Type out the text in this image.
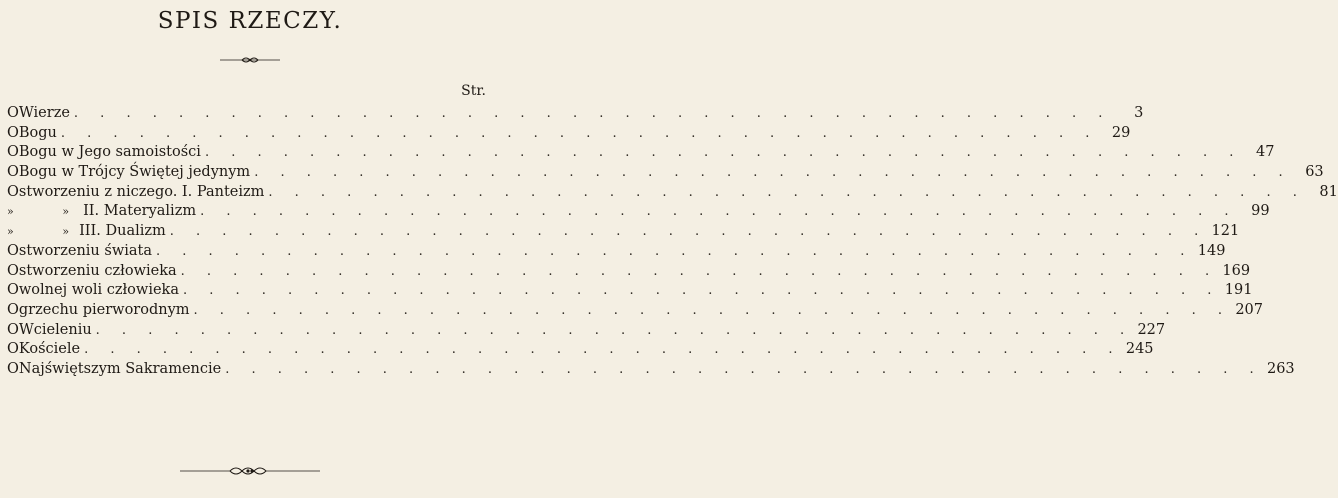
SPIS RZECZY.
Str.
O Wierze . . . . . . . . . . . . . . . . . . . . . . . . . . . . . . . . . . . . . . . .	3
O Bogu . . . . . . . . . . . . . . . . . . . . . . . . . . . . . . . . . . . . . . . . 29
O Bogu w Jego samoistości . . . . . . . . . . . . . . . . . . . . . . . . . . . . . . . . . . . . . . . . 47
O Bogu w Trójcy Świętej jedynym . . . . . . . . . . . . . . . . . . . . . . . . . . . . . . . . . . . . . . . . 63
O stworzeniu z niczego. I. Panteizm . . . . . . . . . . . . . . . . . . . . . . . . . . . . . . . . . . . . . . . . 81
»	» II. Materyalizm . . . . . . . . . . . . . . . . . . . . . . . . . . . . . . . . . . . . . . . . 99
»	» III. Dualizm . . . . . . . . . . . . . . . . . . . . . . . . . . . . . . . . . . . . . . . . 121
O stworzeniu świata . . . . . . . . . . . . . . . . . . . . . . . . . . . . . . . . . . . . . . . . 149
O stworzeniu człowieka . . . . . . . . . . . . . . . . . . . . . . . . . . . . . . . . . . . . . . . . 169
O wolnej woli człowieka . . . . . . . . . . . . . . . . . . . . . . . . . . . . . . . . . . . . . . . . 191
O grzechu pierworodnym . . . . . . . . . . . . . . . . . . . . . . . . . . . . . . . . . . . . . . . . 207
O Wcieleniu . . . . . . . . . . . . . . . . . . . . . . . . . . . . . . . . . . . . . . . . 227
O Kościele . . . . . . . . . . . . . . . . . . . . . . . . . . . . . . . . . . . . . . . . 245
O Najświętszym Sakramencie . . . . . . . . . . . . . . . . . . . . . . . . . . . . . . . . . . . . . . . . 263
